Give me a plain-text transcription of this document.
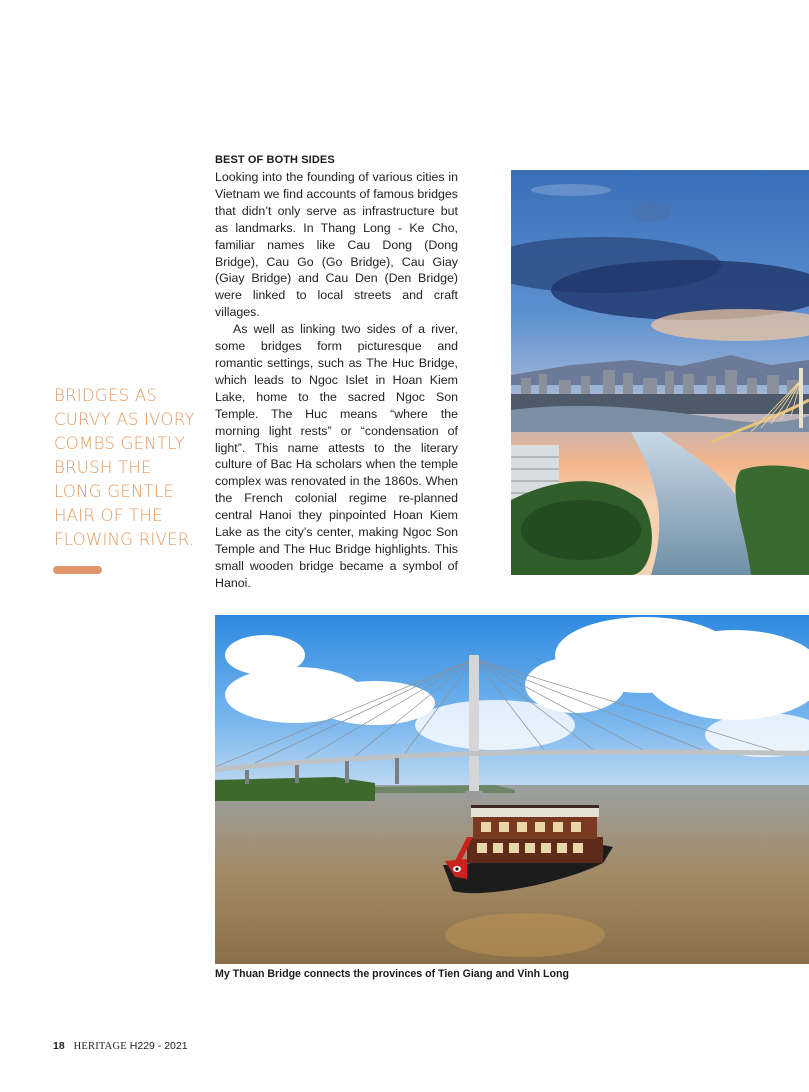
BEST OF BOTH SIDES

Looking into the founding of various cities in Vietnam we find accounts of famous bridges that didn’t only serve as infrastructure but as landmarks. In Thang Long - Ke Cho, familiar names like Cau Dong (Dong Bridge), Cau Go (Go Bridge), Cau Giay (Giay Bridge) and Cau Den (Den Bridge) were linked to local streets and craft villages.

As well as linking two sides of a river, some bridges form picturesque and romantic settings, such as The Huc Bridge, which leads to Ngoc Islet in Hoan Kiem Lake, home to the sacred Ngoc Son Temple. The Huc means “where the morning light rests” or “condensation of light”. This name attests to the literary culture of Bac Ha scholars when the temple complex was renovated in the 1860s. When the French colonial regime re-planned central Hanoi they pinpointed Hoan Kiem Lake as the city’s center, making Ngoc Son Temple and The Huc Bridge highlights. This small wooden bridge became a symbol of Hanoi.

BRIDGES AS CURVY AS IVORY COMBS GENTLY BRUSH THE LONG GENTLE HAIR OF THE FLOWING RIVER.
My Thuan Bridge connects the provinces of Tien Giang and Vinh Long
18 HERITAGE H229 - 2021
